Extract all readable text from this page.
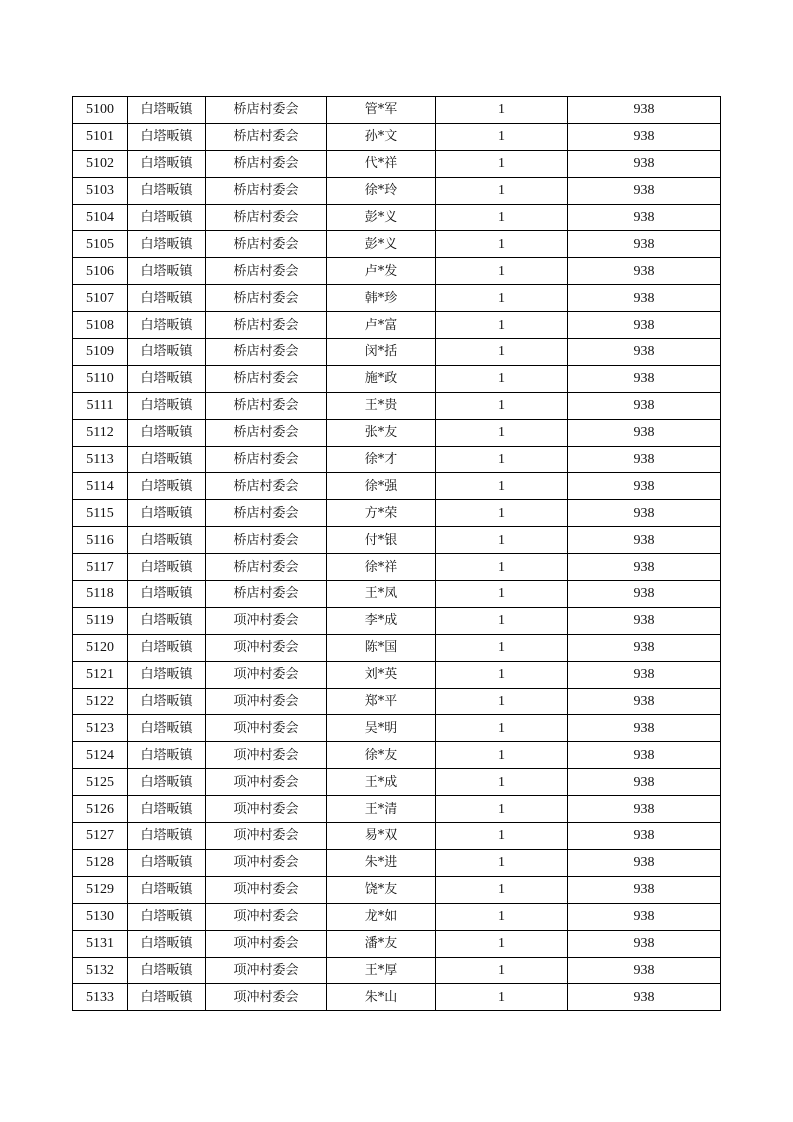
5100	白塔畈镇	桥店村委会	管*军	1	938
5101	白塔畈镇	桥店村委会	孙*文	1	938
5102	白塔畈镇	桥店村委会	代*祥	1	938
5103	白塔畈镇	桥店村委会	徐*玲	1	938
5104	白塔畈镇	桥店村委会	彭*义	1	938
5105	白塔畈镇	桥店村委会	彭*义	1	938
5106	白塔畈镇	桥店村委会	卢*发	1	938
5107	白塔畈镇	桥店村委会	韩*珍	1	938
5108	白塔畈镇	桥店村委会	卢*富	1	938
5109	白塔畈镇	桥店村委会	闵*括	1	938
5110	白塔畈镇	桥店村委会	施*政	1	938
5111	白塔畈镇	桥店村委会	王*贵	1	938
5112	白塔畈镇	桥店村委会	张*友	1	938
5113	白塔畈镇	桥店村委会	徐*才	1	938
5114	白塔畈镇	桥店村委会	徐*强	1	938
5115	白塔畈镇	桥店村委会	方*荣	1	938
5116	白塔畈镇	桥店村委会	付*银	1	938
5117	白塔畈镇	桥店村委会	徐*祥	1	938
5118	白塔畈镇	桥店村委会	王*凤	1	938
5119	白塔畈镇	项冲村委会	李*成	1	938
5120	白塔畈镇	项冲村委会	陈*国	1	938
5121	白塔畈镇	项冲村委会	刘*英	1	938
5122	白塔畈镇	项冲村委会	郑*平	1	938
5123	白塔畈镇	项冲村委会	吴*明	1	938
5124	白塔畈镇	项冲村委会	徐*友	1	938
5125	白塔畈镇	项冲村委会	王*成	1	938
5126	白塔畈镇	项冲村委会	王*清	1	938
5127	白塔畈镇	项冲村委会	易*双	1	938
5128	白塔畈镇	项冲村委会	朱*进	1	938
5129	白塔畈镇	项冲村委会	饶*友	1	938
5130	白塔畈镇	项冲村委会	龙*如	1	938
5131	白塔畈镇	项冲村委会	潘*友	1	938
5132	白塔畈镇	项冲村委会	王*厚	1	938
5133	白塔畈镇	项冲村委会	朱*山	1	938
